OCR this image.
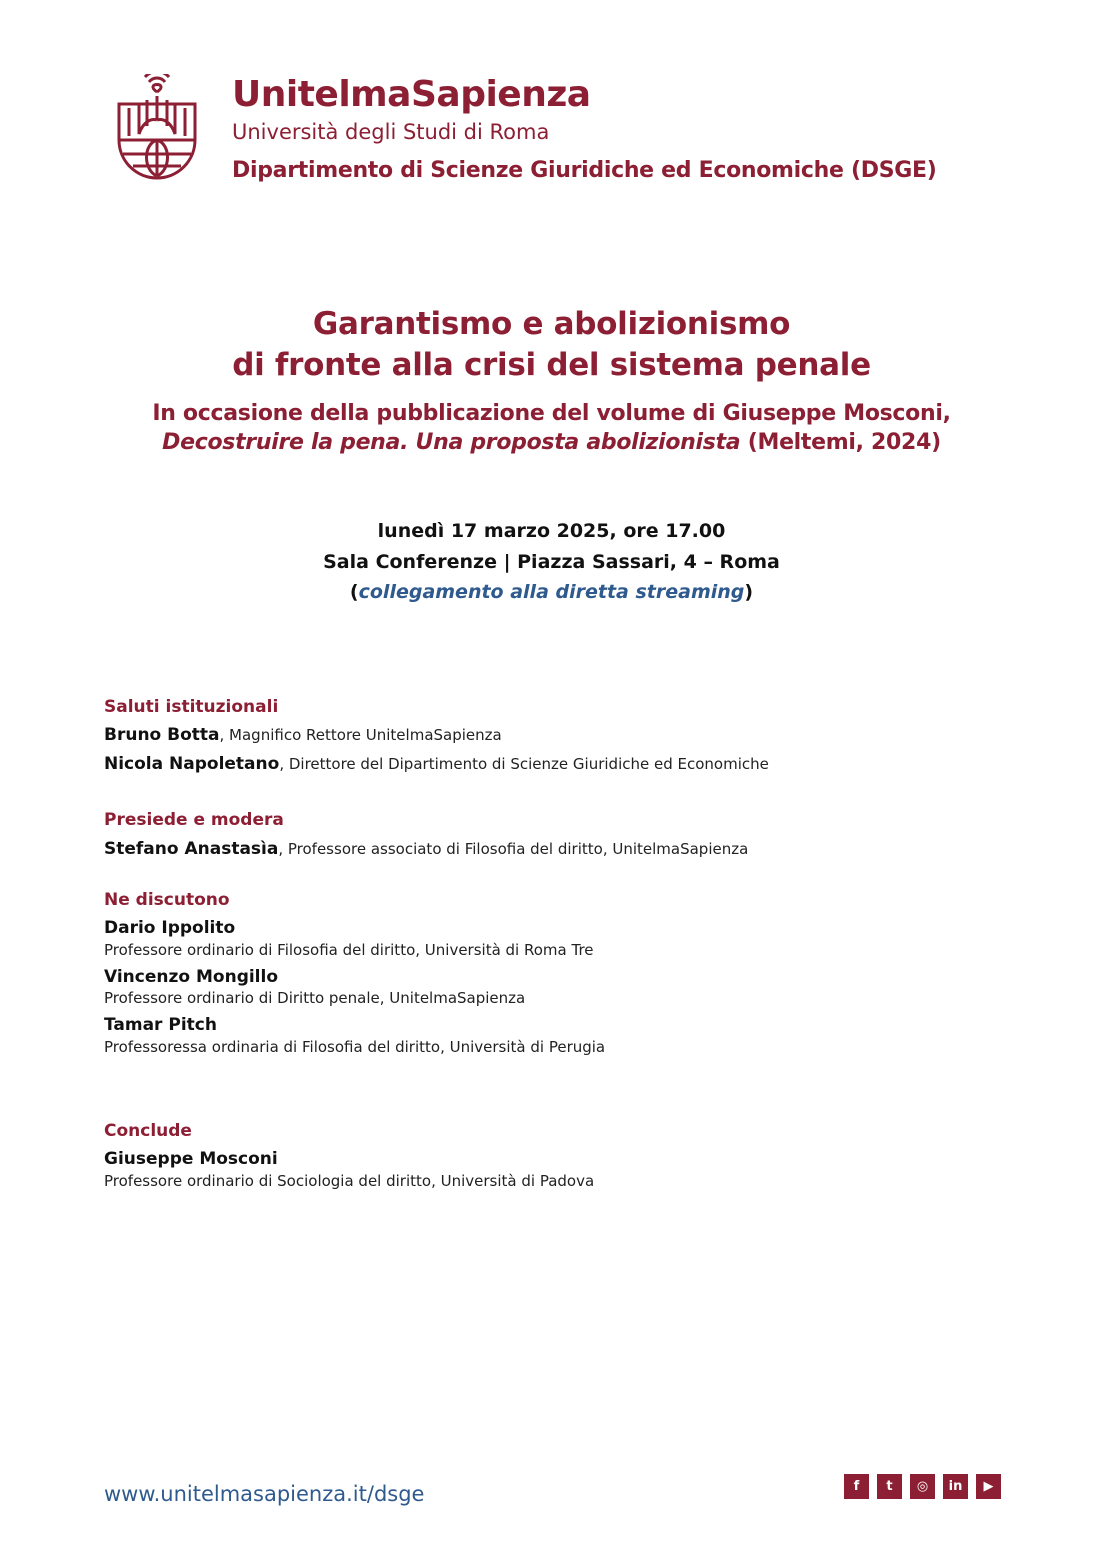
UnitelmaSapienza
Università degli Studi di Roma
Dipartimento di Scienze Giuridiche ed Economiche (DSGE)
Garantismo e abolizionismo
di fronte alla crisi del sistema penale
In occasione della pubblicazione del volume di Giuseppe Mosconi,
Decostruire la pena. Una proposta abolizionista (Meltemi, 2024)
lunedì 17 marzo 2025, ore 17.00
Sala Conferenze | Piazza Sassari, 4 – Roma
(collegamento alla diretta streaming)
Saluti istituzionali
Bruno Botta, Magnifico Rettore UnitelmaSapienza
Nicola Napoletano, Direttore del Dipartimento di Scienze Giuridiche ed Economiche
Presiede e modera
Stefano Anastasìa, Professore associato di Filosofia del diritto, UnitelmaSapienza
Ne discutono
Dario Ippolito
Professore ordinario di Filosofia del diritto, Università di Roma Tre
Vincenzo Mongillo
Professore ordinario di Diritto penale, UnitelmaSapienza
Tamar Pitch
Professoressa ordinaria di Filosofia del diritto, Università di Perugia
Conclude
Giuseppe Mosconi
Professore ordinario di Sociologia del diritto, Università di Padova
www.unitelmasapienza.it/dsge	f	t	◎	in	▶
